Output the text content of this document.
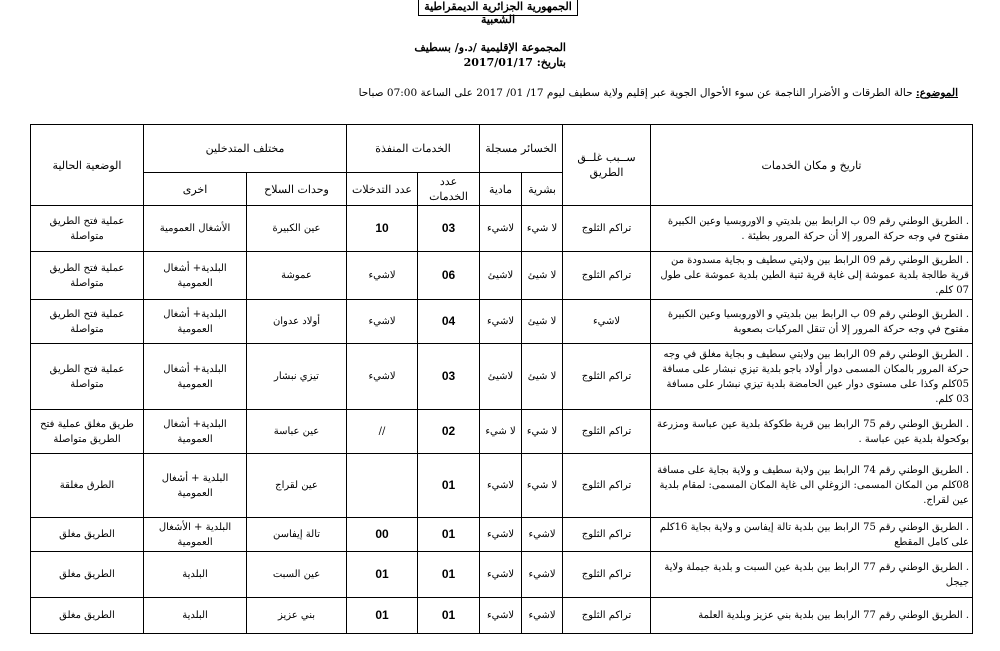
الجمهورية الجزائرية الديمقراطية الشعبية
المجموعة الإقليمية /د.و/ بسطيف
بتاريخ: 2017/01/17
الموضوع: حالة الطرقات و الأضرار الناجمة عن سوء الأحوال الجوية عبر إقليم ولاية سطيف ليوم 17/ 01/ 2017 على الساعة 07:00 صباحا
تاريخ و مكان الخدمات	ســبب غلــق الطريق	الخسائر مسجلة		الخدمات المنفذة		مختلف المتدخلين		الوضعية الحالية
		بشرية	مادية	عدد الخدمات	عدد التدخلات	وحدات السلاح	اخرى	
. الطريق الوطني رقم 09 ب الرابط بين بلديتي و الاوروبسيا وعين الكبيرة مفتوح في وجه حركة المرور إلا أن حركة المرور بطيئة .	تراكم الثلوج	لا شيء	لاشيء	03	10	عين الكبيرة	الأشغال العمومية	عملية فتح الطريق متواصلة
. الطريق الوطني رقم 09 الرابط بين ولايتي سطيف و بجاية مسدودة من قرية طالجة بلدية عموشة إلى غاية قرية ثنية الطين بلدية عموشة على طول 07 كلم.	تراكم الثلوج	لا شيئ	لاشيئ	06	لاشيء	عموشة	البلدية+ أشغال العمومية	عملية فتح الطريق متواصلة
. الطريق الوطني رقم 09 ب الرابط بين بلديتي و الاوروبسيا وعين الكبيرة مفتوح في وجه حركة المرور إلا أن تنقل المركبات بصعوبة	لاشيء	لا شيئ	لاشيء	04	لاشيء	أولاد عدوان	البلدية+ أشغال العمومية	عملية فتح الطريق متواصلة
. الطريق الوطني رقم 09 الرابط بين ولايتي سطيف و بجاية مغلق في وجه حركة المرور بالمكان المسمى دوار أولاد باجو بلدية تيزي نبشار على مسافة 05كلم وكذا على مستوى دوار عين الحامضة بلدية تيزي نبشار على مسافة 03 كلم.	تراكم الثلوج	لا شيئ	لاشيئ	03	لاشيء	تيزي نبشار	البلدية+ أشغال العمومية	عملية فتح الطريق متواصلة
. الطريق الوطني رقم 75 الرابط بين قرية طكوكة بلدية عين عباسة ومزرعة بوكحولة بلدية عين عباسة .	تراكم الثلوج	لا شيء	لا شيء	02	//	عين عباسة	البلدية+ أشغال العمومية	طريق مغلق عملية فتح الطريق متواصلة
. الطريق الوطني رقم 74 الرابط بين ولاية سطيف و ولاية بجاية على مسافة 08كلم من المكان المسمى: الزوغلي الى غاية المكان المسمى: لمقام بلدية عين لقراج.	تراكم الثلوج	لا شيء	لاشيء	01		عين لقراج	البلدية + أشغال العمومية	الطرق مغلقة
. الطريق الوطني رقم 75 الرابط بين بلدية تالة إيفاسن و ولاية بجاية 16كلم على كامل المقطع	تراكم الثلوج	لاشيء	لاشيء	01	00	تالة إيفاسن	البلدية + الأشغال العمومية	الطريق مغلق
. الطريق الوطني رقم 77 الرابط بين بلدية عين السبت و بلدية جيملة ولاية جيجل	تراكم الثلوج	لاشيء	لاشيء	01	01	عين السبت	البلدية	الطريق مغلق
. الطريق الوطني رقم 77 الرابط بين بلدية بني عزيز وبلدية العلمة	تراكم الثلوج	لاشيء	لاشيء	01	01	بني عزيز	البلدية	الطريق مغلق
